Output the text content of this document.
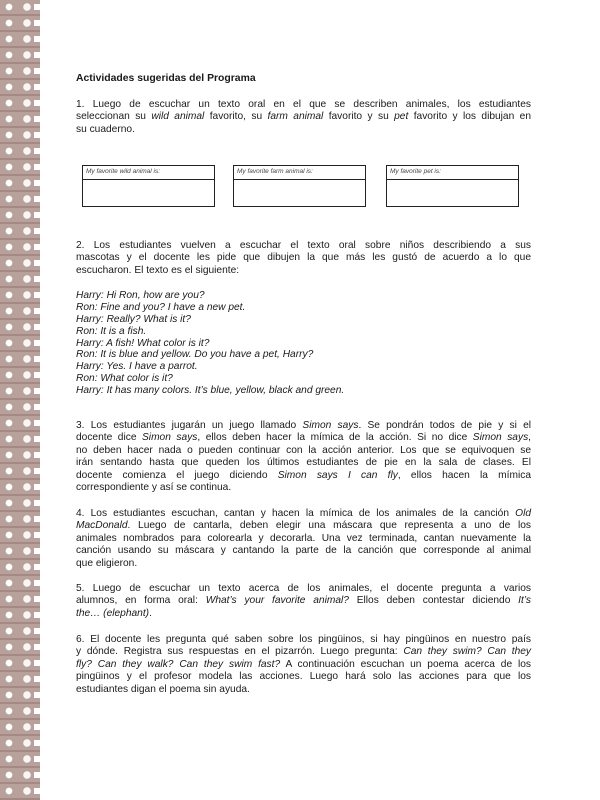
Actividades sugeridas del Programa
1. Luego de escuchar un texto oral en el que se describen animales, los estudiantes
seleccionan su wild animal favorito, su farm animal favorito y su pet favorito y los dibujan en
su cuaderno.
My favorite wild animal is:	My favorite farm animal is:	My favorite pet is:
2. Los estudiantes vuelven a escuchar el texto oral sobre niños describiendo a sus
mascotas y el docente les pide que dibujen la que más les gustó de acuerdo a lo que
escucharon. El texto es el siguiente:
Harry: Hi Ron, how are you?
Ron: Fine and you? I have a new pet.
Harry: Really? What is it?
Ron: It is a fish.
Harry: A fish! What color is it?
Ron: It is blue and yellow. Do you have a pet, Harry?
Harry: Yes. I have a parrot.
Ron: What color is it?
Harry: It has many colors. It’s blue, yellow, black and green.
3. Los estudiantes jugarán un juego llamado Simon says. Se pondrán todos de pie y si el
docente dice Simon says, ellos deben hacer la mímica de la acción. Si no dice Simon says,
no deben hacer nada o pueden continuar con la acción anterior. Los que se equivoquen se
irán sentando hasta que queden los últimos estudiantes de pie en la sala de clases. El
docente comienza el juego diciendo Simon says I can fly, ellos hacen la mímica
correspondiente y así se continua.
4. Los estudiantes escuchan, cantan y hacen la mímica de los animales de la canción Old
MacDonald. Luego de cantarla, deben elegir una máscara que representa a uno de los
animales nombrados para colorearla y decorarla. Una vez terminada, cantan nuevamente la
canción usando su máscara y cantando la parte de la canción que corresponde al animal
que eligieron.
5. Luego de escuchar un texto acerca de los animales, el docente pregunta a varios
alumnos, en forma oral: What’s your favorite animal? Ellos deben contestar diciendo It’s
the… (elephant).
6. El docente les pregunta qué saben sobre los pingüinos, si hay pingüinos en nuestro país
y dónde. Registra sus respuestas en el pizarrón. Luego pregunta: Can they swim? Can they
fly? Can they walk? Can they swim fast? A continuación escuchan un poema acerca de los
pingüinos y el profesor modela las acciones. Luego hará solo las acciones para que los
estudiantes digan el poema sin ayuda.
